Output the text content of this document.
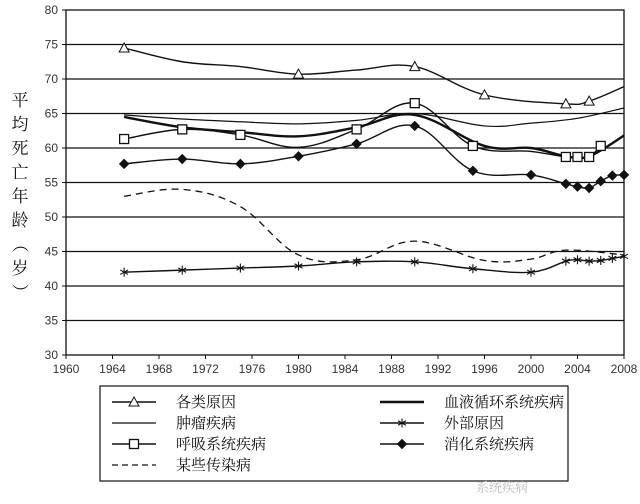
30
35
40
45
50
55
60
65
70
75
80
1960 1964 1968 1972 1976 1980 1984 1988 1992 1996 2000 2004 2008
平
均
死
亡
年
龄
（
岁
）
各类原因	血液循环系统疾病
肿瘤疾病	外部原因
呼吸系统疾病	消化系统疾病
某些传染病
系统疾病
